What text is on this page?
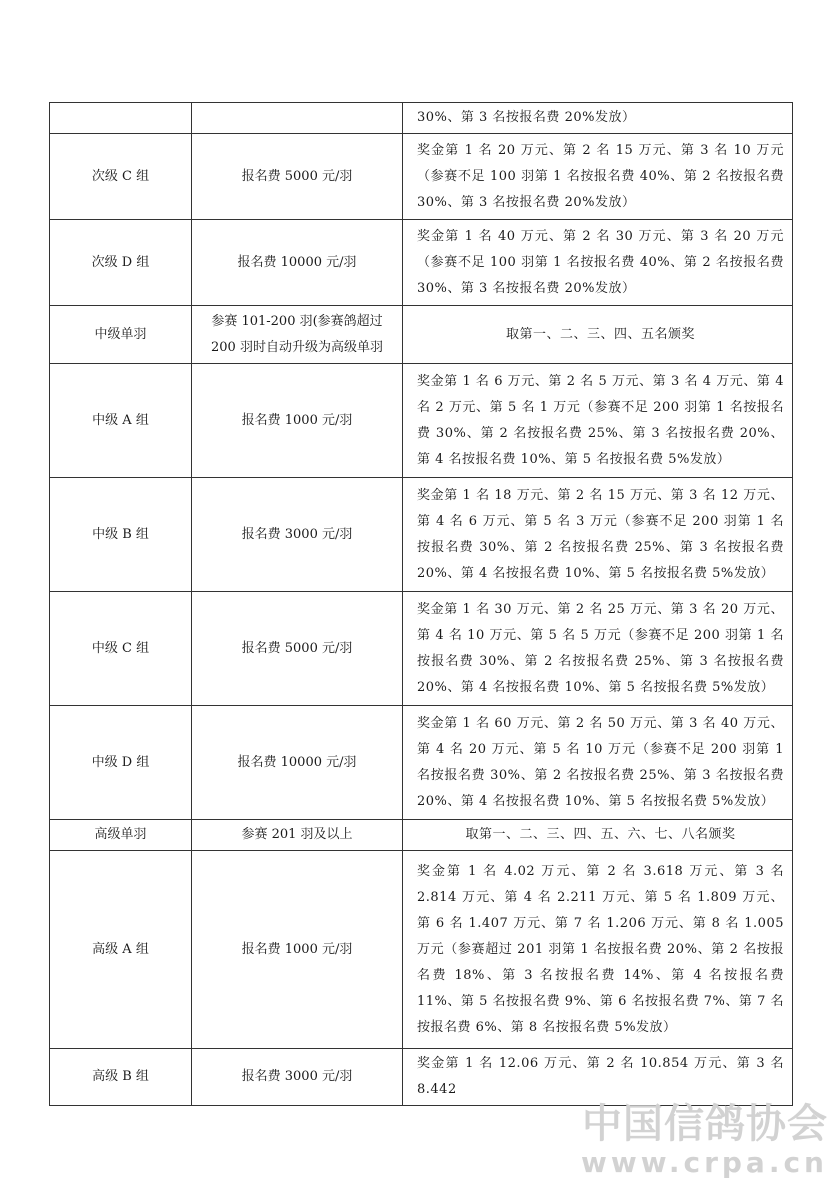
		30%、第 3 名按报名费 20%发放）
次级 C 组	报名费 5000 元/羽	奖金第 1 名 20 万元、第 2 名 15 万元、第 3 名 10 万元（参赛不足 100 羽第 1 名按报名费 40%、第 2 名按报名费 30%、第 3 名按报名费 20%发放）
次级 D 组	报名费 10000 元/羽	奖金第 1 名 40 万元、第 2 名 30 万元、第 3 名 20 万元（参赛不足 100 羽第 1 名按报名费 40%、第 2 名按报名费 30%、第 3 名按报名费 20%发放）
中级单羽	参赛 101-200 羽(参赛鸽超过 200 羽时自动升级为高级单羽	取第一、二、三、四、五名颁奖
中级 A 组	报名费 1000 元/羽	奖金第 1 名 6 万元、第 2 名 5 万元、第 3 名 4 万元、第 4 名 2 万元、第 5 名 1 万元（参赛不足 200 羽第 1 名按报名费 30%、第 2 名按报名费 25%、第 3 名按报名费 20%、第 4 名按报名费 10%、第 5 名按报名费 5%发放）
中级 B 组	报名费 3000 元/羽	奖金第 1 名 18 万元、第 2 名 15 万元、第 3 名 12 万元、第 4 名 6 万元、第 5 名 3 万元（参赛不足 200 羽第 1 名按报名费 30%、第 2 名按报名费 25%、第 3 名按报名费 20%、第 4 名按报名费 10%、第 5 名按报名费 5%发放）
中级 C 组	报名费 5000 元/羽	奖金第 1 名 30 万元、第 2 名 25 万元、第 3 名 20 万元、第 4 名 10 万元、第 5 名 5 万元（参赛不足 200 羽第 1 名按报名费 30%、第 2 名按报名费 25%、第 3 名按报名费 20%、第 4 名按报名费 10%、第 5 名按报名费 5%发放）
中级 D 组	报名费 10000 元/羽	奖金第 1 名 60 万元、第 2 名 50 万元、第 3 名 40 万元、第 4 名 20 万元、第 5 名 10 万元（参赛不足 200 羽第 1 名按报名费 30%、第 2 名按报名费 25%、第 3 名按报名费 20%、第 4 名按报名费 10%、第 5 名按报名费 5%发放）
高级单羽	参赛 201 羽及以上	取第一、二、三、四、五、六、七、八名颁奖
高级 A 组	报名费 1000 元/羽	奖金第 1 名 4.02 万元、第 2 名 3.618 万元、第 3 名 2.814 万元、第 4 名 2.211 万元、第 5 名 1.809 万元、第 6 名 1.407 万元、第 7 名 1.206 万元、第 8 名 1.005 万元（参赛超过 201 羽第 1 名按报名费 20%、第 2 名按报名费 18%、第 3 名按报名费 14%、第 4 名按报名费 11%、第 5 名按报名费 9%、第 6 名按报名费 7%、第 7 名按报名费 6%、第 8 名按报名费 5%发放）
高级 B 组	报名费 3000 元/羽	奖金第 1 名 12.06 万元、第 2 名 10.854 万元、第 3 名 8.442
中国信鸽协会
www.crpa.cn
